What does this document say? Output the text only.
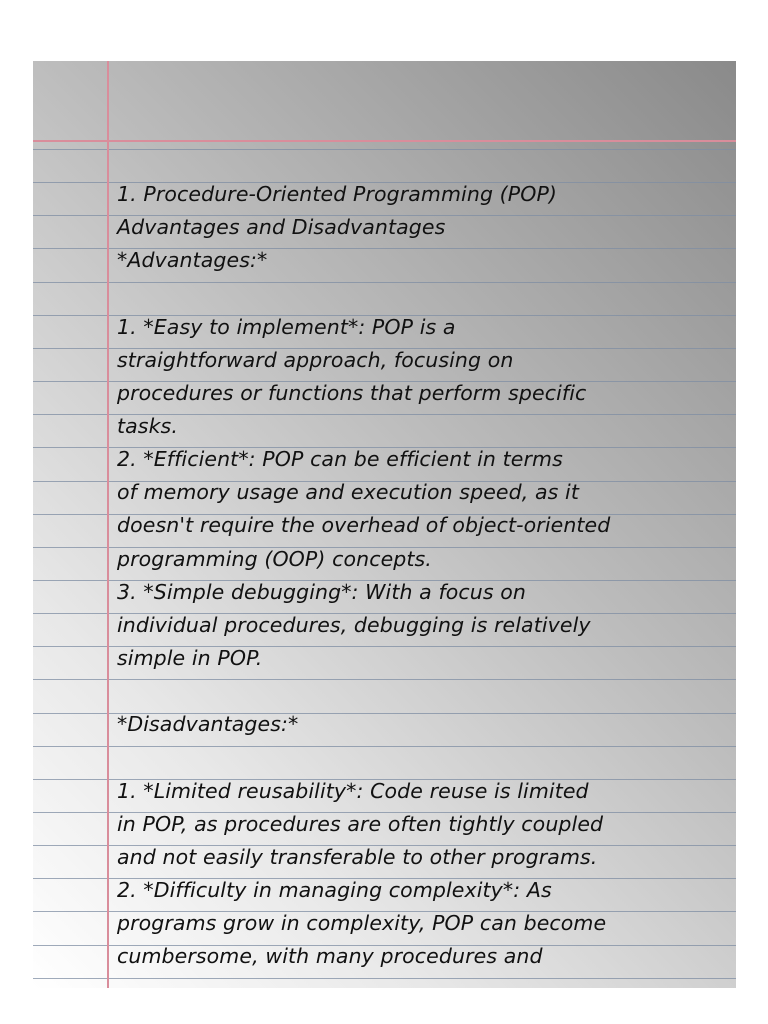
1. Procedure-Oriented Programming (POP)
Advantages and Disadvantages
*Advantages:*
1. *Easy to implement*: POP is a
straightforward approach, focusing on
procedures or functions that perform specific
tasks.
2. *Efficient*: POP can be efficient in terms
of memory usage and execution speed, as it
doesn't require the overhead of object-oriented
programming (OOP) concepts.
3. *Simple debugging*: With a focus on
individual procedures, debugging is relatively
simple in POP.
*Disadvantages:*
1. *Limited reusability*: Code reuse is limited
in POP, as procedures are often tightly coupled
and not easily transferable to other programs.
2. *Difficulty in managing complexity*: As
programs grow in complexity, POP can become
cumbersome, with many procedures and
